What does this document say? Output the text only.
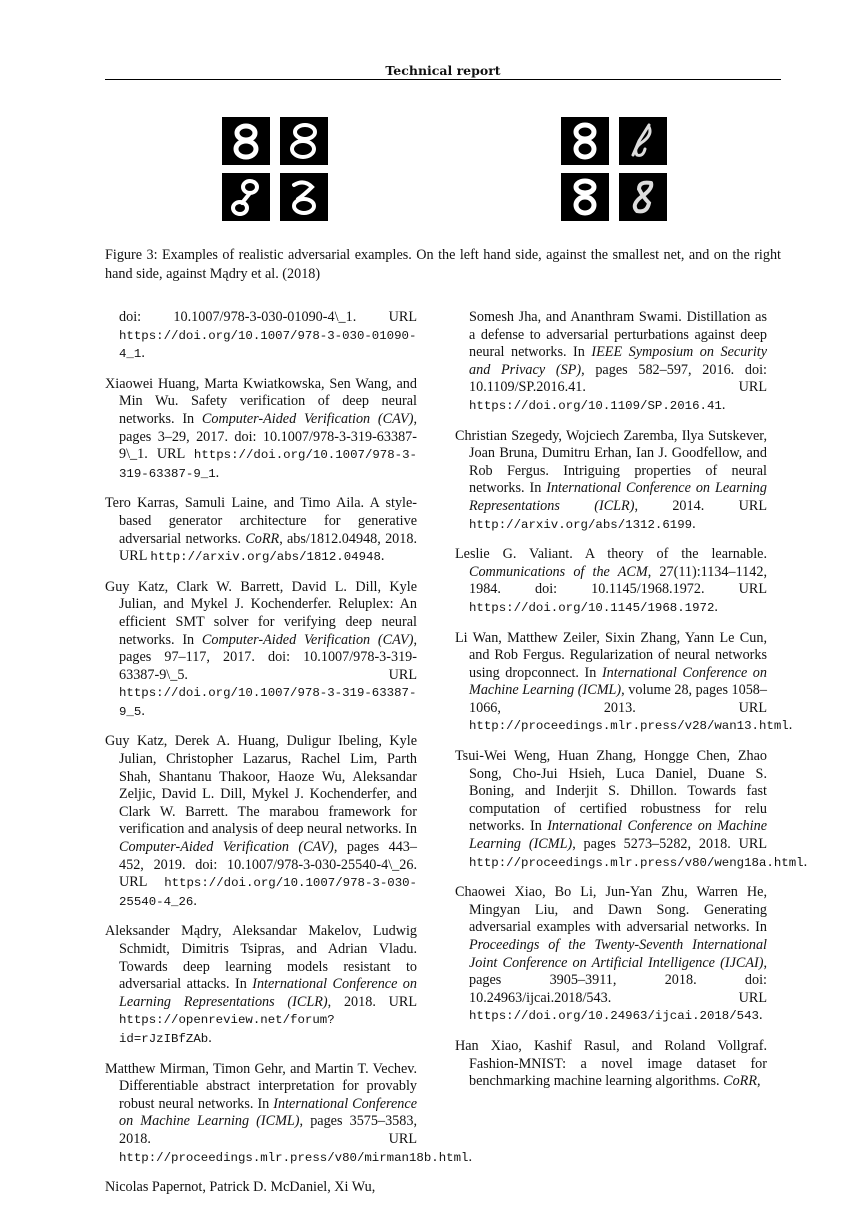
Technical report
Figure 3: Examples of realistic adversarial examples. On the left hand side, against the smallest net, and on the right hand side, against Mądry et al. (2018)
doi: 10.1007/978-3-030-01090-4\_1. URL https://doi.org/10.1007/978-3-030-01090-4_1.
Xiaowei Huang, Marta Kwiatkowska, Sen Wang, and Min Wu. Safety verification of deep neural networks. In Computer-Aided Verification (CAV), pages 3–29, 2017. doi: 10.1007/978-3-319-63387-9\_1. URL https://doi.org/10.1007/978-3-319-63387-9_1.
Tero Karras, Samuli Laine, and Timo Aila. A style-based generator architecture for generative adversarial networks. CoRR, abs/1812.04948, 2018. URL http://arxiv.org/abs/1812.04948.
Guy Katz, Clark W. Barrett, David L. Dill, Kyle Julian, and Mykel J. Kochenderfer. Reluplex: An efficient SMT solver for verifying deep neural networks. In Computer-Aided Verification (CAV), pages 97–117, 2017. doi: 10.1007/978-3-319-63387-9\_5. URL https://doi.org/10.1007/978-3-319-63387-9_5.
Guy Katz, Derek A. Huang, Duligur Ibeling, Kyle Julian, Christopher Lazarus, Rachel Lim, Parth Shah, Shantanu Thakoor, Haoze Wu, Aleksandar Zeljic, David L. Dill, Mykel J. Kochenderfer, and Clark W. Barrett. The marabou framework for verification and analysis of deep neural networks. In Computer-Aided Verification (CAV), pages 443–452, 2019. doi: 10.1007/978-3-030-25540-4\_26. URL https://doi.org/10.1007/978-3-030-25540-4_26.
Aleksander Mądry, Aleksandar Makelov, Ludwig Schmidt, Dimitris Tsipras, and Adrian Vladu. Towards deep learning models resistant to adversarial attacks. In International Conference on Learning Representations (ICLR), 2018. URL https://openreview.net/forum?id=rJzIBfZAb.
Matthew Mirman, Timon Gehr, and Martin T. Vechev. Differentiable abstract interpretation for provably robust neural networks. In International Conference on Machine Learning (ICML), pages 3575–3583, 2018. URL http://proceedings.mlr.press/v80/mirman18b.html.
Nicolas Papernot, Patrick D. McDaniel, Xi Wu,
Somesh Jha, and Ananthram Swami. Distillation as a defense to adversarial perturbations against deep neural networks. In IEEE Symposium on Security and Privacy (SP), pages 582–597, 2016. doi: 10.1109/SP.2016.41. URL https://doi.org/10.1109/SP.2016.41.
Christian Szegedy, Wojciech Zaremba, Ilya Sutskever, Joan Bruna, Dumitru Erhan, Ian J. Goodfellow, and Rob Fergus. Intriguing properties of neural networks. In International Conference on Learning Representations (ICLR), 2014. URL http://arxiv.org/abs/1312.6199.
Leslie G. Valiant. A theory of the learnable. Communications of the ACM, 27(11):1134–1142, 1984. doi: 10.1145/1968.1972. URL https://doi.org/10.1145/1968.1972.
Li Wan, Matthew Zeiler, Sixin Zhang, Yann Le Cun, and Rob Fergus. Regularization of neural networks using dropconnect. In International Conference on Machine Learning (ICML), volume 28, pages 1058–1066, 2013. URL http://proceedings.mlr.press/v28/wan13.html.
Tsui-Wei Weng, Huan Zhang, Hongge Chen, Zhao Song, Cho-Jui Hsieh, Luca Daniel, Duane S. Boning, and Inderjit S. Dhillon. Towards fast computation of certified robustness for relu networks. In International Conference on Machine Learning (ICML), pages 5273–5282, 2018. URL http://proceedings.mlr.press/v80/weng18a.html.
Chaowei Xiao, Bo Li, Jun-Yan Zhu, Warren He, Mingyan Liu, and Dawn Song. Generating adversarial examples with adversarial networks. In Proceedings of the Twenty-Seventh International Joint Conference on Artificial Intelligence (IJCAI), pages 3905–3911, 2018. doi: 10.24963/ijcai.2018/543. URL https://doi.org/10.24963/ijcai.2018/543.
Han Xiao, Kashif Rasul, and Roland Vollgraf. Fashion-MNIST: a novel image dataset for benchmarking machine learning algorithms. CoRR,
